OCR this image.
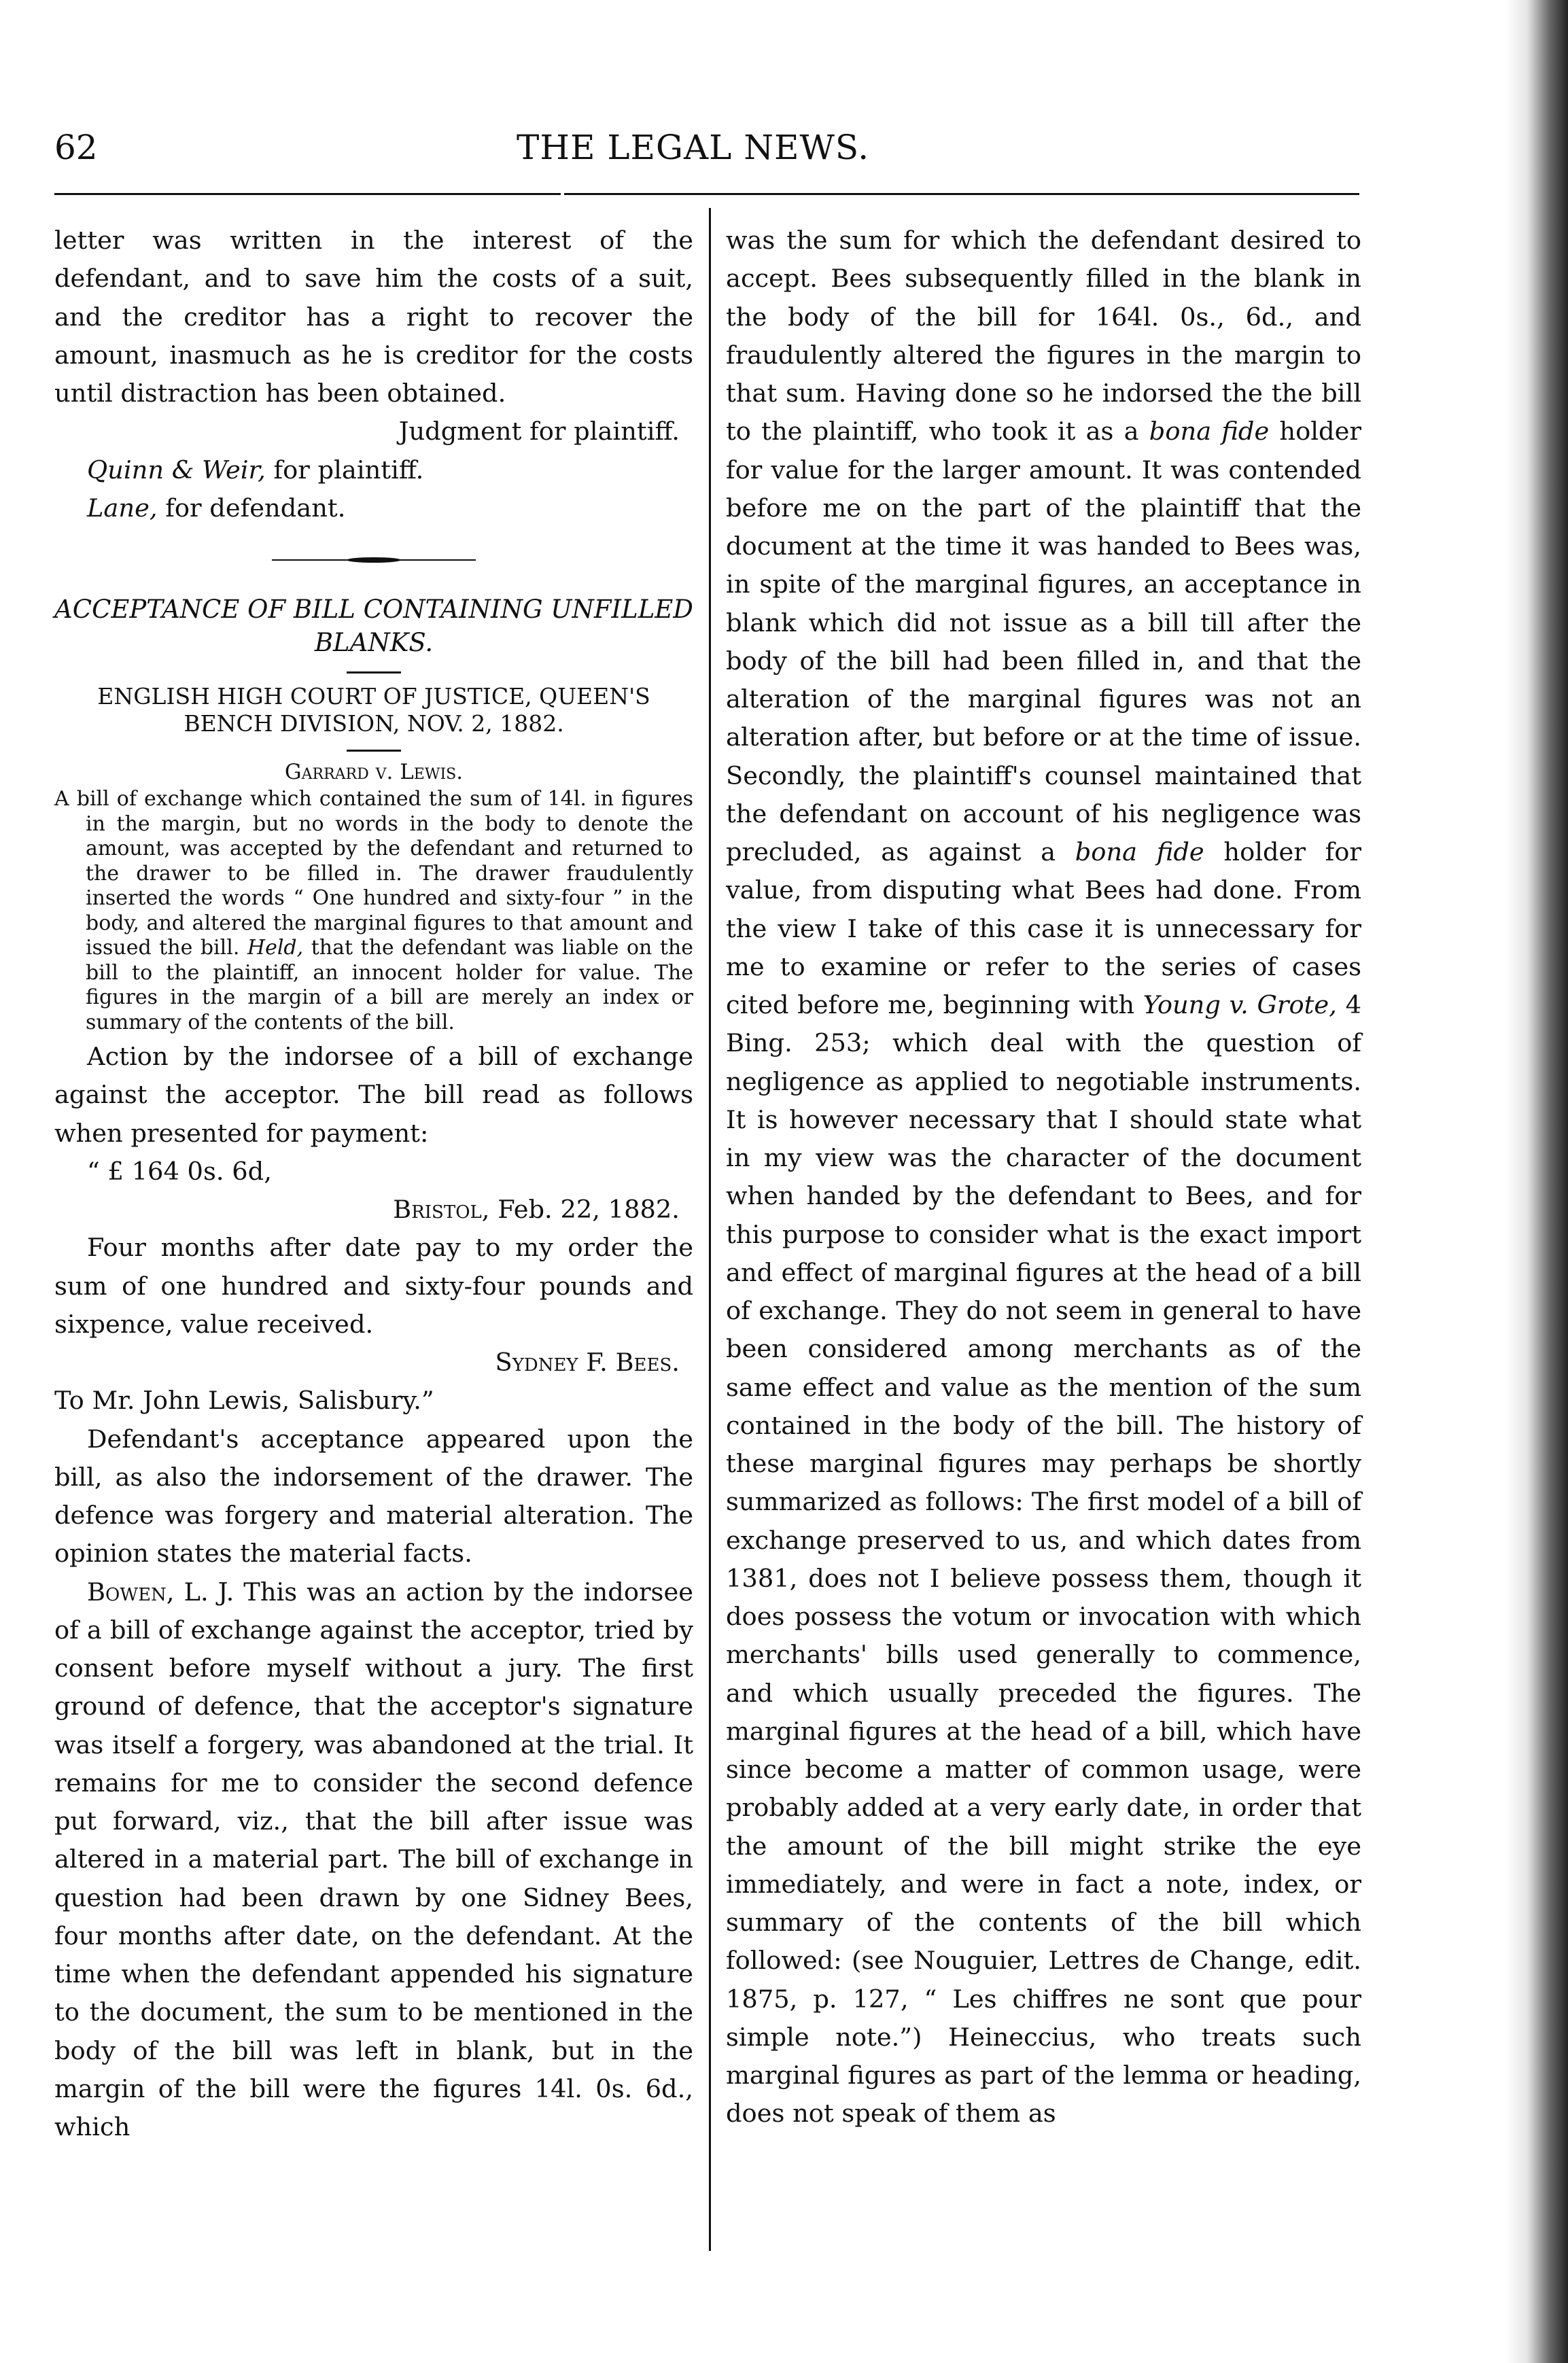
62	THE LEGAL NEWS.

letter was written in the interest of the defendant, and to save him the costs of a suit, and the creditor has a right to recover the amount, inasmuch as he is creditor for the costs until distraction has been obtained.

Judgment for plaintiff.

Quinn & Weir, for plaintiff.

Lane, for defendant.

ACCEPTANCE OF BILL CONTAINING UNFILLED BLANKS.

ENGLISH HIGH COURT OF JUSTICE, QUEEN'S BENCH DIVISION, NOV. 2, 1882.

Garrard v. Lewis.

A bill of exchange which contained the sum of 14l. in figures in the margin, but no words in the body to denote the amount, was accepted by the defendant and returned to the drawer to be filled in. The drawer fraudulently inserted the words “ One hundred and sixty-four ” in the body, and altered the marginal figures to that amount and issued the bill. Held, that the defendant was liable on the bill to the plaintiff, an innocent holder for value. The figures in the margin of a bill are merely an index or summary of the contents of the bill.

Action by the indorsee of a bill of exchange against the acceptor. The bill read as follows when presented for payment:

“ £ 164 0s. 6d,

Bristol, Feb. 22, 1882.

Four months after date pay to my order the sum of one hundred and sixty-four pounds and sixpence, value received.

Sydney F. Bees.

To Mr. John Lewis, Salisbury.”

Defendant's acceptance appeared upon the bill, as also the indorsement of the drawer. The defence was forgery and material alteration. The opinion states the material facts.

Bowen, L. J. This was an action by the indorsee of a bill of exchange against the acceptor, tried by consent before myself without a jury. The first ground of defence, that the acceptor's signature was itself a forgery, was abandoned at the trial. It remains for me to consider the second defence put forward, viz., that the bill after issue was altered in a material part. The bill of exchange in question had been drawn by one Sidney Bees, four months after date, on the defendant. At the time when the defendant appended his signature to the document, the sum to be mentioned in the body of the bill was left in blank, but in the margin of the bill were the figures 14l. 0s. 6d., which

was the sum for which the defendant desired to accept. Bees subsequently filled in the blank in the body of the bill for 164l. 0s., 6d., and fraudulently altered the figures in the margin to that sum. Having done so he indorsed the the bill to the plaintiff, who took it as a bona fide holder for value for the larger amount. It was contended before me on the part of the plaintiff that the document at the time it was handed to Bees was, in spite of the marginal figures, an acceptance in blank which did not issue as a bill till after the body of the bill had been filled in, and that the alteration of the marginal figures was not an alteration after, but before or at the time of issue. Secondly, the plaintiff's counsel maintained that the defendant on account of his negligence was precluded, as against a bona fide holder for value, from disputing what Bees had done. From the view I take of this case it is unnecessary for me to examine or refer to the series of cases cited before me, beginning with Young v. Grote, 4 Bing. 253; which deal with the question of negligence as applied to negotiable instruments. It is however necessary that I should state what in my view was the character of the document when handed by the defendant to Bees, and for this purpose to consider what is the exact import and effect of marginal figures at the head of a bill of exchange. They do not seem in general to have been considered among merchants as of the same effect and value as the mention of the sum contained in the body of the bill. The history of these marginal figures may perhaps be shortly summarized as follows: The first model of a bill of exchange preserved to us, and which dates from 1381, does not I believe possess them, though it does possess the votum or invocation with which merchants' bills used generally to commence, and which usually preceded the figures. The marginal figures at the head of a bill, which have since become a matter of common usage, were probably added at a very early date, in order that the amount of the bill might strike the eye immediately, and were in fact a note, index, or summary of the contents of the bill which followed: (see Nouguier, Lettres de Change, edit. 1875, p. 127, “ Les chiffres ne sont que pour simple note.”) Heineccius, who treats such marginal figures as part of the lemma or heading, does not speak of them as
